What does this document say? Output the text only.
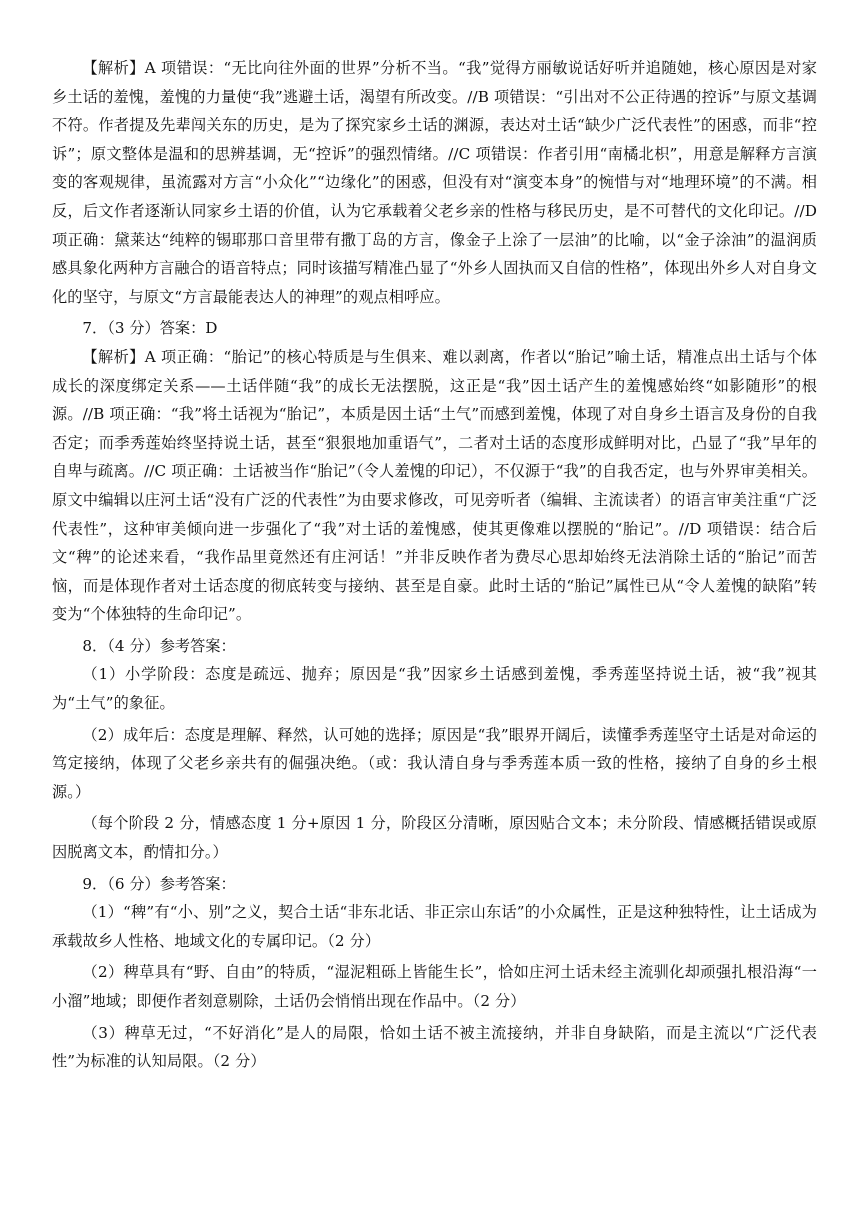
【解析】A 项错误：“无比向往外面的世界”分析不当。“我”觉得方丽敏说话好听并追随她，核心原因是对家乡土话的羞愧，羞愧的力量使“我”逃避土话，渴望有所改变。//B 项错误：“引出对不公正待遇的控诉”与原文基调不符。作者提及先辈闯关东的历史，是为了探究家乡土话的渊源，表达对土话“缺少广泛代表性”的困惑，而非“控诉”；原文整体是温和的思辨基调，无“控诉”的强烈情绪。//C 项错误：作者引用“南橘北枳”，用意是解释方言演变的客观规律，虽流露对方言“小众化”“边缘化”的困惑，但没有对“演变本身”的惋惜与对“地理环境”的不满。相反，后文作者逐渐认同家乡土语的价值，认为它承载着父老乡亲的性格与移民历史，是不可替代的文化印记。//D 项正确：黛莱达“纯粹的锡耶那口音里带有撒丁岛的方言，像金子上涂了一层油”的比喻，以“金子涂油”的温润质感具象化两种方言融合的语音特点；同时该描写精准凸显了“外乡人固执而又自信的性格”，体现出外乡人对自身文化的坚守，与原文“方言最能表达人的神理”的观点相呼应。

7．（3 分）答案：D

【解析】A 项正确：“胎记”的核心特质是与生俱来、难以剥离，作者以“胎记”喻土话，精准点出土话与个体成长的深度绑定关系——土话伴随“我”的成长无法摆脱，这正是“我”因土话产生的羞愧感始终“如影随形”的根源。//B 项正确：“我”将土话视为“胎记”，本质是因土话“土气”而感到羞愧，体现了对自身乡土语言及身份的自我否定；而季秀莲始终坚持说土话，甚至“狠狠地加重语气”，二者对土话的态度形成鲜明对比，凸显了“我”早年的自卑与疏离。//C 项正确：土话被当作“胎记”（令人羞愧的印记），不仅源于“我”的自我否定，也与外界审美相关。原文中编辑以庄河土话“没有广泛的代表性”为由要求修改，可见旁听者（编辑、主流读者）的语言审美注重“广泛代表性”，这种审美倾向进一步强化了“我”对土话的羞愧感，使其更像难以摆脱的“胎记”。//D 项错误：结合后文“稗”的论述来看，“我作品里竟然还有庄河话！”并非反映作者为费尽心思却始终无法消除土话的“胎记”而苦恼，而是体现作者对土话态度的彻底转变与接纳、甚至是自豪。此时土话的“胎记”属性已从“令人羞愧的缺陷”转变为“个体独特的生命印记”。

8．（4 分）参考答案：

（1）小学阶段：态度是疏远、抛弃；原因是“我”因家乡土话感到羞愧，季秀莲坚持说土话，被“我”视其为“土气”的象征。

（2）成年后：态度是理解、释然，认可她的选择；原因是“我”眼界开阔后，读懂季秀莲坚守土话是对命运的笃定接纳，体现了父老乡亲共有的倔强决绝。（或：我认清自身与季秀莲本质一致的性格，接纳了自身的乡土根源。）

（每个阶段 2 分，情感态度 1 分+原因 1 分，阶段区分清晰，原因贴合文本；未分阶段、情感概括错误或原因脱离文本，酌情扣分。）

9．（6 分）参考答案：

（1）“稗”有“小、别”之义，契合土话“非东北话、非正宗山东话”的小众属性，正是这种独特性，让土话成为承载故乡人性格、地域文化的专属印记。（2 分）

（2）稗草具有“野、自由”的特质，“湿泥粗砾上皆能生长”，恰如庄河土话未经主流驯化却顽强扎根沿海“一小溜”地域；即便作者刻意剔除，土话仍会悄悄出现在作品中。（2 分）

（3）稗草无过，“不好消化”是人的局限，恰如土话不被主流接纳，并非自身缺陷，而是主流以“广泛代表性”为标准的认知局限。（2 分）
